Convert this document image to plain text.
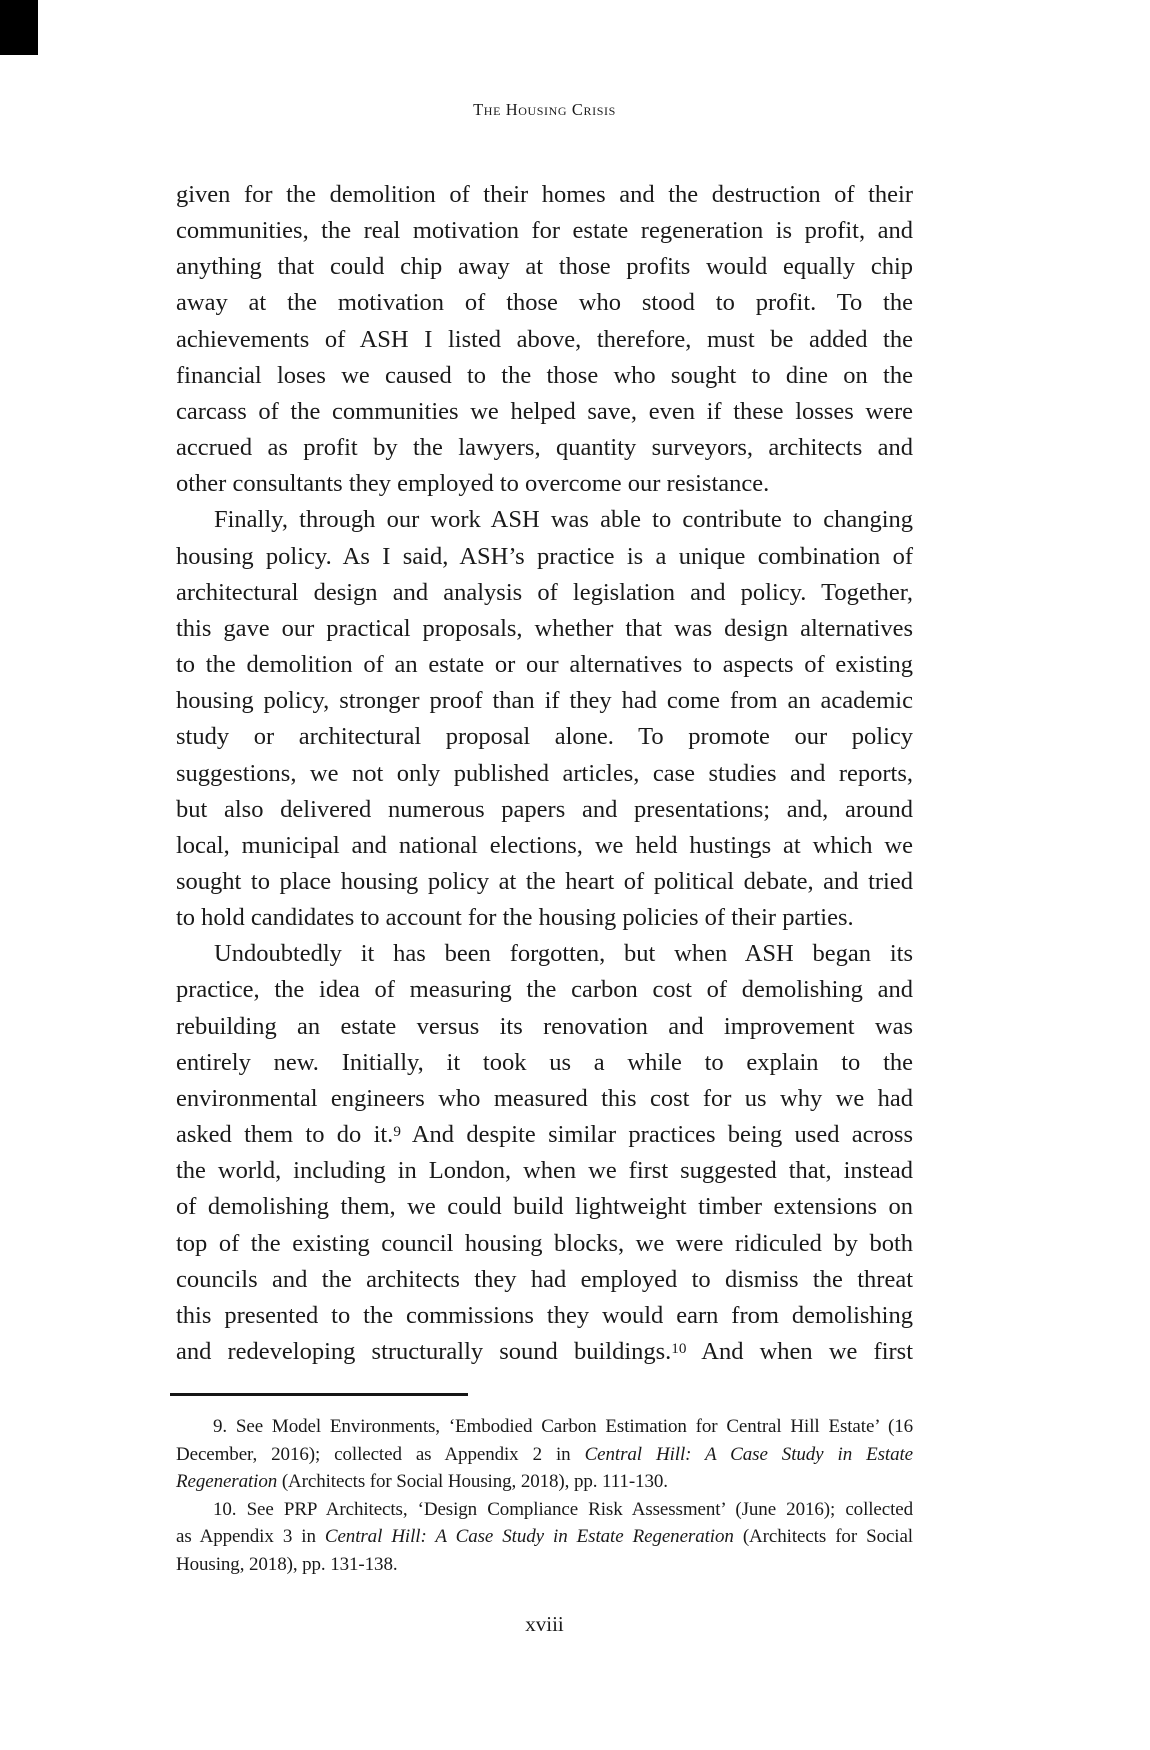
The Housing Crisis
given for the demolition of their homes and the destruction of their
communities, the real motivation for estate regeneration is profit, and
anything that could chip away at those profits would equally chip
away at the motivation of those who stood to profit. To the
achievements of ASH I listed above, therefore, must be added the
financial loses we caused to the those who sought to dine on the
carcass of the communities we helped save, even if these losses were
accrued as profit by the lawyers, quantity surveyors, architects and
other consultants they employed to overcome our resistance.
Finally, through our work ASH was able to contribute to changing
housing policy. As I said, ASH’s practice is a unique combination of
architectural design and analysis of legislation and policy. Together,
this gave our practical proposals, whether that was design alternatives
to the demolition of an estate or our alternatives to aspects of existing
housing policy, stronger proof than if they had come from an academic
study or architectural proposal alone. To promote our policy
suggestions, we not only published articles, case studies and reports,
but also delivered numerous papers and presentations; and, around
local, municipal and national elections, we held hustings at which we
sought to place housing policy at the heart of political debate, and tried
to hold candidates to account for the housing policies of their parties.
Undoubtedly it has been forgotten, but when ASH began its
practice, the idea of measuring the carbon cost of demolishing and
rebuilding an estate versus its renovation and improvement was
entirely new. Initially, it took us a while to explain to the
environmental engineers who measured this cost for us why we had
asked them to do it.$^9$ And despite similar practices being used across
the world, including in London, when we first suggested that, instead
of demolishing them, we could build lightweight timber extensions on
top of the existing council housing blocks, we were ridiculed by both
councils and the architects they had employed to dismiss the threat
this presented to the commissions they would earn from demolishing
and redeveloping structurally sound buildings.$^{10}$ And when we first
9. See Model Environments, ‘Embodied Carbon Estimation for Central Hill Estate’ (16
December, 2016); collected as Appendix 2 in Central Hill: A Case Study in Estate
Regeneration (Architects for Social Housing, 2018), pp. 111-130.
10. See PRP Architects, ‘Design Compliance Risk Assessment’ (June 2016); collected
as Appendix 3 in Central Hill: A Case Study in Estate Regeneration (Architects for Social
Housing, 2018), pp. 131-138.
xviii
